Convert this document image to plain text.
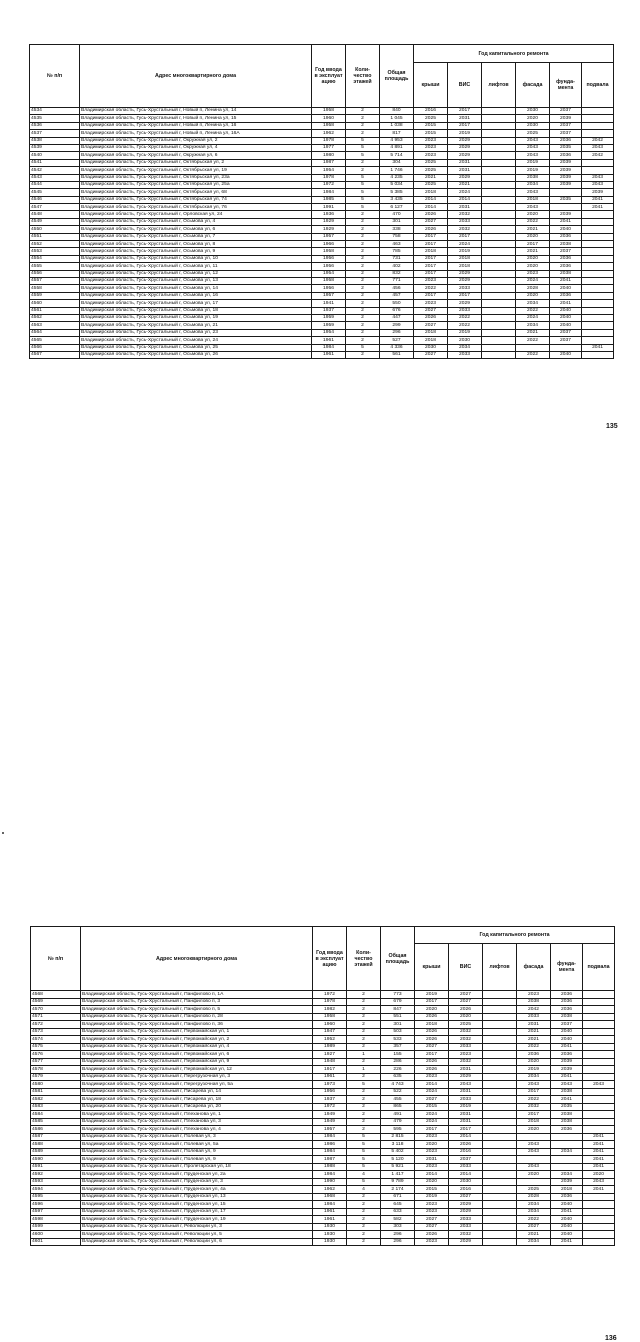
№ п/п	Адрес многоквартирного дома	Год ввода в эксплуат ацию	Коли-чество этажей	Общая площадь	Год капитального ремонта					
					крыши	ВИС	лифтов	фасада	фунда-мента	подвала
4534	Владимирская область, Гусь-Хрустальный г, Новый п, Ленина ул, 14	1958	2	840	2016	2017		2030	2037	
4535	Владимирская область, Гусь-Хрустальный г, Новый п, Ленина ул, 15	1960	2	1 045	2025	2031		2020	2039	
4536	Владимирская область, Гусь-Хрустальный г, Новый п, Ленина ул, 16	1958	2	1 038	2015	2017		2030	2037	
4537	Владимирская область, Гусь-Хрустальный г, Новый п, Ленина ул, 16А	1962	2	817	2015	2019		2025	2037	
4538	Владимирская область, Гусь-Хрустальный г, Окружная ул, 2	1978	5	4 953	2023	2029		2043	2036	2042
4539	Владимирская область, Гусь-Хрустальный г, Окружная ул, 4	1977	5	4 891	2023	2029		2043	2035	2043
4540	Владимирская область, Гусь-Хрустальный г, Окружная ул, 6	1980	5	5 714	2023	2029		2043	2036	2042
4541	Владимирская область, Гусь-Хрустальный г, Октябрьская ул, 2	1987	2	304	2025	2031		2019	2039	
4542	Владимирская область, Гусь-Хрустальный г, Октябрьская ул, 19	1954	2	1 746	2025	2031		2019	2039	
4543	Владимирская область, Гусь-Хрустальный г, Октябрьская ул, 23а	1978	5	4 235	2021	2029		2038	2039	2043
4544	Владимирская область, Гусь-Хрустальный г, Октябрьская ул, 25а	1972	5	5 034	2025	2021		2034	2039	2043
4545	Владимирская область, Гусь-Хрустальный г, Октябрьская ул, 68	1984	5	5 385	2018	2024		2043		2039
4546	Владимирская область, Гусь-Хрустальный г, Октябрьская ул, 74	1985	5	3 435	2014	2014		2018	2035	2041
4547	Владимирская область, Гусь-Хрустальный г, Октябрьская ул, 76	1991	5	6 127	2014	2031		2043		2041
4548	Владимирская область, Гусь-Хрустальный г, Орловская ул, 24	1936	2	470	2026	2032		2020	2039	
4549	Владимирская область, Гусь-Хрустальный г, Осьмова ул, 4	1929	2	301	2027	2033		2022	2041	
4550	Владимирская область, Гусь-Хрустальный г, Осьмова ул, 6	1929	2	338	2026	2032		2021	2040	
4551	Владимирская область, Гусь-Хрустальный г, Осьмова ул, 7	1957	2	758	2017	2017		2020	2036	
4552	Владимирская область, Гусь-Хрустальный г, Осьмова ул, 8	1966	2	463	2017	2024		2017	2038	
4553	Владимирская область, Гусь-Хрустальный г, Осьмова ул, 9	1958	2	785	2018	2019		2021	2037	
4554	Владимирская область, Гусь-Хрустальный г, Осьмова ул, 10	1956	2	731	2017	2018		2020	2036	
4555	Владимирская область, Гусь-Хрустальный г, Осьмова ул, 11	1956	2	402	2017	2018		2020	2036	
4556	Владимирская область, Гусь-Хрустальный г, Осьмова ул, 12	1954	2	832	2017	2029		2023	2038	
4557	Владимирская область, Гусь-Хрустальный г, Осьмова ул, 13	1958	2	771	2023	2029		2024	2041	
4558	Владимирская область, Гусь-Хрустальный г, Осьмова ул, 14	1956	2	456	2022	2033		2028	2040	
4559	Владимирская область, Гусь-Хрустальный г, Осьмова ул, 16	1957	2	457	2017	2017		2020	2036	
4560	Владимирская область, Гусь-Хрустальный г, Осьмова ул, 17	1941	2	550	2023	2029		2034	2041	
4561	Владимирская область, Гусь-Хрустальный г, Осьмова ул, 18	1937	2	676	2027	2033		2022	2040	
4562	Владимирская область, Гусь-Хрустальный г, Осьмова ул, 19	1959	2	447	2026	2022		2024	2040	
4563	Владимирская область, Гусь-Хрустальный г, Осьмова ул, 21	1959	2	299	2027	2022		2034	2040	
4564	Владимирская область, Гусь-Хрустальный г, Осьмова ул, 23	1954	2	296	2018	2019		2021	2037	
4565	Владимирская область, Гусь-Хрустальный г, Осьмова ул, 24	1961	2	527	2018	2030		2022	2037	
4566	Владимирская область, Гусь-Хрустальный г, Осьмова ул, 25	1984	5	4 336	2030	2034				2041
4567	Владимирская область, Гусь-Хрустальный г, Осьмова ул, 26	1961	2	561	2027	2033		2022	2040	
135
№ п/п	Адрес многоквартирного дома	Год ввода в эксплуат ацию	Коли-чество этажей	Общая площадь	Год капитального ремонта					
					крыши	ВИС	лифтов	фасада	фунда-мента	подвала
4568	Владимирская область, Гусь-Хрустальный г, Панфилово п, 1А	1972	2	773	2019	2027		2023	2036	
4569	Владимирская область, Гусь-Хрустальный г, Панфилово п, 3	1978	2	679	2017	2027		2038	2036	
4570	Владимирская область, Гусь-Хрустальный г, Панфилово п, 5	1982	2	847	2020	2026		2042	2036	
4571	Владимирская область, Гусь-Хрустальный г, Панфилово п, 28	1958	2	551	2026	2020		2033	2038	
4572	Владимирская область, Гусь-Хрустальный г, Панфилово п, 36	1960	2	301	2018	2025		2031	2037	
4573	Владимирская область, Гусь-Хрустальный г, Первомайская ул, 1	1947	2	503	2026	2032		2021	2040	
4574	Владимирская область, Гусь-Хрустальный г, Первомайская ул, 2	1952	2	533	2026	2032		2021	2040	
4575	Владимирская область, Гусь-Хрустальный г, Первомайская ул, 4	1989	2	357	2027	2033		2022	2041	
4576	Владимирская область, Гусь-Хрустальный г, Первомайская ул, 6	1927	1	155	2017	2023		2036	2036	
4577	Владимирская область, Гусь-Хрустальный г, Первомайская ул, 9	1948	2	286	2026	2032		2020	2039	
4578	Владимирская область, Гусь-Хрустальный г, Первомайская ул, 12	1917	1	226	2026	2031		2019	2039	
4579	Владимирская область, Гусь-Хрустальный г, Перегрузочная ул, 3	1961	2	635	2023	2029		2034	2041	
4580	Владимирская область, Гусь-Хрустальный г, Перегрузочная ул, 5а	1973	5	4 743	2014	2043		2043	2043	2043
4581	Владимирская область, Гусь-Хрустальный г, Писарева ул, 14	1956	2	522	2024	2031		2017	2038	
4582	Владимирская область, Гусь-Хрустальный г, Писарева ул, 18	1937	2	455	2027	2033		2022	2041	
4583	Владимирская область, Гусь-Хрустальный г, Писарева ул, 20	1972	2	865	2015	2019		2032	2035	
4584	Владимирская область, Гусь-Хрустальный г, Плеханова ул, 1	1949	2	491	2024	2031		2017	2038	
4585	Владимирская область, Гусь-Хрустальный г, Плеханова ул, 3	1949	2	479	2024	2031		2018	2038	
4586	Владимирская область, Гусь-Хрустальный г, Плеханова ул, 4	1957	2	595	2017	2017		2020	2036	
4587	Владимирская область, Гусь-Хрустальный г, Полевая ул, 3	1984	5	2 815	2023	2014				2041
4588	Владимирская область, Гусь-Хрустальный г, Полевая ул, 5а	1986	5	3 118	2020	2026		2043		2041
4589	Владимирская область, Гусь-Хрустальный г, Полевая ул, 9	1984	5	5 402	2023	2016		2043	2034	2041
4590	Владимирская область, Гусь-Хрустальный г, Полевая ул, 9	1987	5	5 120	2031	2037				2041
4591	Владимирская область, Гусь-Хрустальный г, Пролетарская ул, 18	1988	5	5 921	2023	2033		2043		2041
4592	Владимирская область, Гусь-Хрустальный г, Пруденская ул, 2а	1984	4	1 417	2014	2014		2020	2034	2020
4593	Владимирская область, Гусь-Хрустальный г, Пруденская ул, 3	1990	5	9 789	2020	2030			2039	2043
4594	Владимирская область, Гусь-Хрустальный г, Пруденская ул, 4а	1962	4	2 174	2015	2016		2025	2018	2041
4595	Владимирская область, Гусь-Хрустальный г, Пруденская ул, 13	1968	2	671	2019	2027		2028	2036	
4596	Владимирская область, Гусь-Хрустальный г, Пруденская ул, 15	1984	2	645	2023	2029		2034	2040	
4597	Владимирская область, Гусь-Хрустальный г, Пруденская ул, 17	1961	2	633	2023	2029		2034	2041	
4598	Владимирская область, Гусь-Хрустальный г, Пруденская ул, 19	1961	2	582	2027	2033		2022	2040	
4599	Владимирская область, Гусь-Хрустальный г, Революции ул, 3	1930	2	303	2027	2033		2027	2040	
4600	Владимирская область, Гусь-Хрустальный г, Революции ул, 5	1930	2	296	2026	2032		2021	2040	
4601	Владимирская область, Гусь-Хрустальный г, Революции ул, 6	1930	2	296	2023	2029		2034	2041	
136
